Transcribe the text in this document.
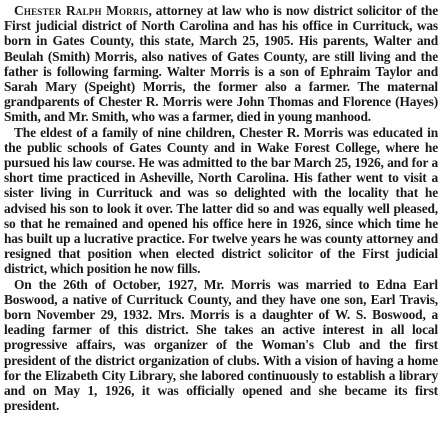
Chester Ralph Morris, attorney at law who is now district solicitor of the First judicial district of North Carolina and has his office in Currituck, was born in Gates County, this state, March 25, 1905. His parents, Walter and Beulah (Smith) Morris, also natives of Gates County, are still living and the father is following farming. Walter Morris is a son of Ephraim Taylor and Sarah Mary (Speight) Morris, the former also a farmer. The maternal grandparents of Chester R. Morris were John Thomas and Florence (Hayes) Smith, and Mr. Smith, who was a farmer, died in young manhood.

The eldest of a family of nine children, Chester R. Morris was educated in the public schools of Gates County and in Wake Forest College, where he pursued his law course. He was admitted to the bar March 25, 1926, and for a short time practiced in Asheville, North Carolina. His father went to visit a sister living in Currituck and was so delighted with the locality that he advised his son to look it over. The latter did so and was equally well pleased, so that he remained and opened his office here in 1926, since which time he has built up a lucrative practice. For twelve years he was county attorney and resigned that position when elected district solicitor of the First judicial district, which position he now fills.

On the 26th of October, 1927, Mr. Morris was married to Edna Earl Boswood, a native of Currituck County, and they have one son, Earl Travis, born November 29, 1932. Mrs. Morris is a daughter of W. S. Boswood, a leading farmer of this district. She takes an active interest in all local progressive affairs, was organizer of the Woman's Club and the first president of the district organization of clubs. With a vision of having a home for the Elizabeth City Library, she labored continuously to establish a library and on May 1, 1926, it was officially opened and she became its first president.
